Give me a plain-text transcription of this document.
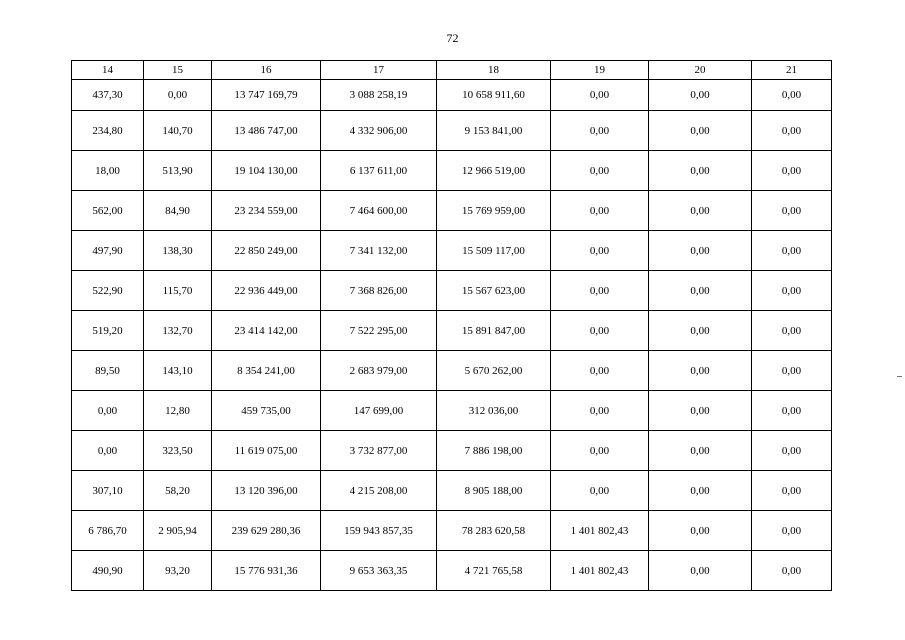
72
14	15	16	17	18	19	20	21
437,30	0,00	13 747 169,79	3 088 258,19	10 658 911,60	0,00	0,00	0,00
234,80	140,70	13 486 747,00	4 332 906,00	9 153 841,00	0,00	0,00	0,00
18,00	513,90	19 104 130,00	6 137 611,00	12 966 519,00	0,00	0,00	0,00
562,00	84,90	23 234 559,00	7 464 600,00	15 769 959,00	0,00	0,00	0,00
497,90	138,30	22 850 249,00	7 341 132,00	15 509 117,00	0,00	0,00	0,00
522,90	115,70	22 936 449,00	7 368 826,00	15 567 623,00	0,00	0,00	0,00
519,20	132,70	23 414 142,00	7 522 295,00	15 891 847,00	0,00	0,00	0,00
89,50	143,10	8 354 241,00	2 683 979,00	5 670 262,00	0,00	0,00	0,00
0,00	12,80	459 735,00	147 699,00	312 036,00	0,00	0,00	0,00
0,00	323,50	11 619 075,00	3 732 877,00	7 886 198,00	0,00	0,00	0,00
307,10	58,20	13 120 396,00	4 215 208,00	8 905 188,00	0,00	0,00	0,00
6 786,70	2 905,94	239 629 280,36	159 943 857,35	78 283 620,58	1 401 802,43	0,00	0,00
490,90	93,20	15 776 931,36	9 653 363,35	4 721 765,58	1 401 802,43	0,00	0,00
